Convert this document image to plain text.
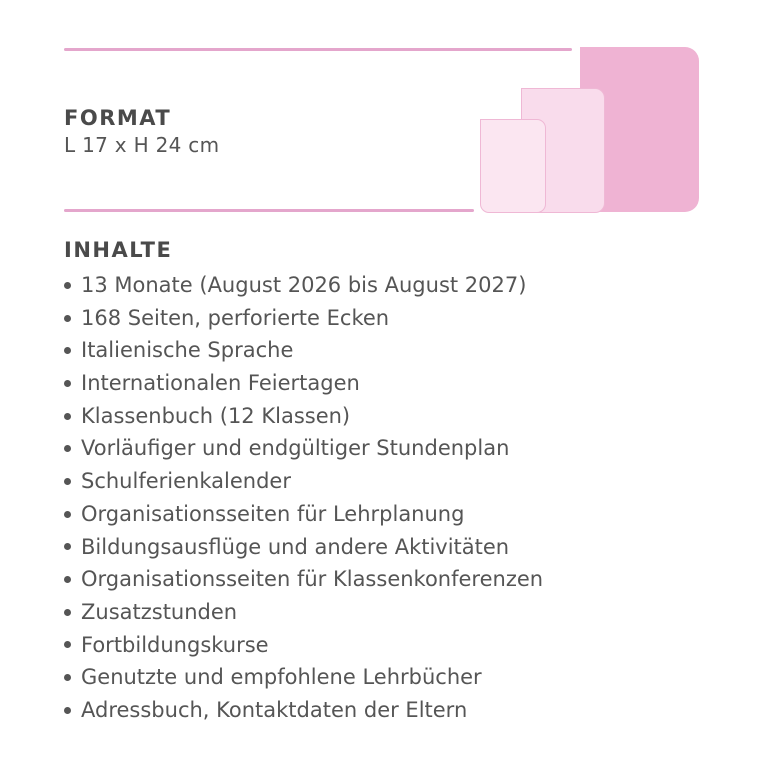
FORMAT
L 17 x H 24 cm
INHALTE
13 Monate (August 2026 bis August 2027)
168 Seiten, perforierte Ecken
Italienische Sprache
Internationalen Feiertagen
Klassenbuch (12 Klassen)
Vorläufiger und endgültiger Stundenplan
Schulferienkalender
Organisationsseiten für Lehrplanung
Bildungsausflüge und andere Aktivitäten
Organisationsseiten für Klassenkonferenzen
Zusatzstunden
Fortbildungskurse
Genutzte und empfohlene Lehrbücher
Adressbuch, Kontaktdaten der Eltern
